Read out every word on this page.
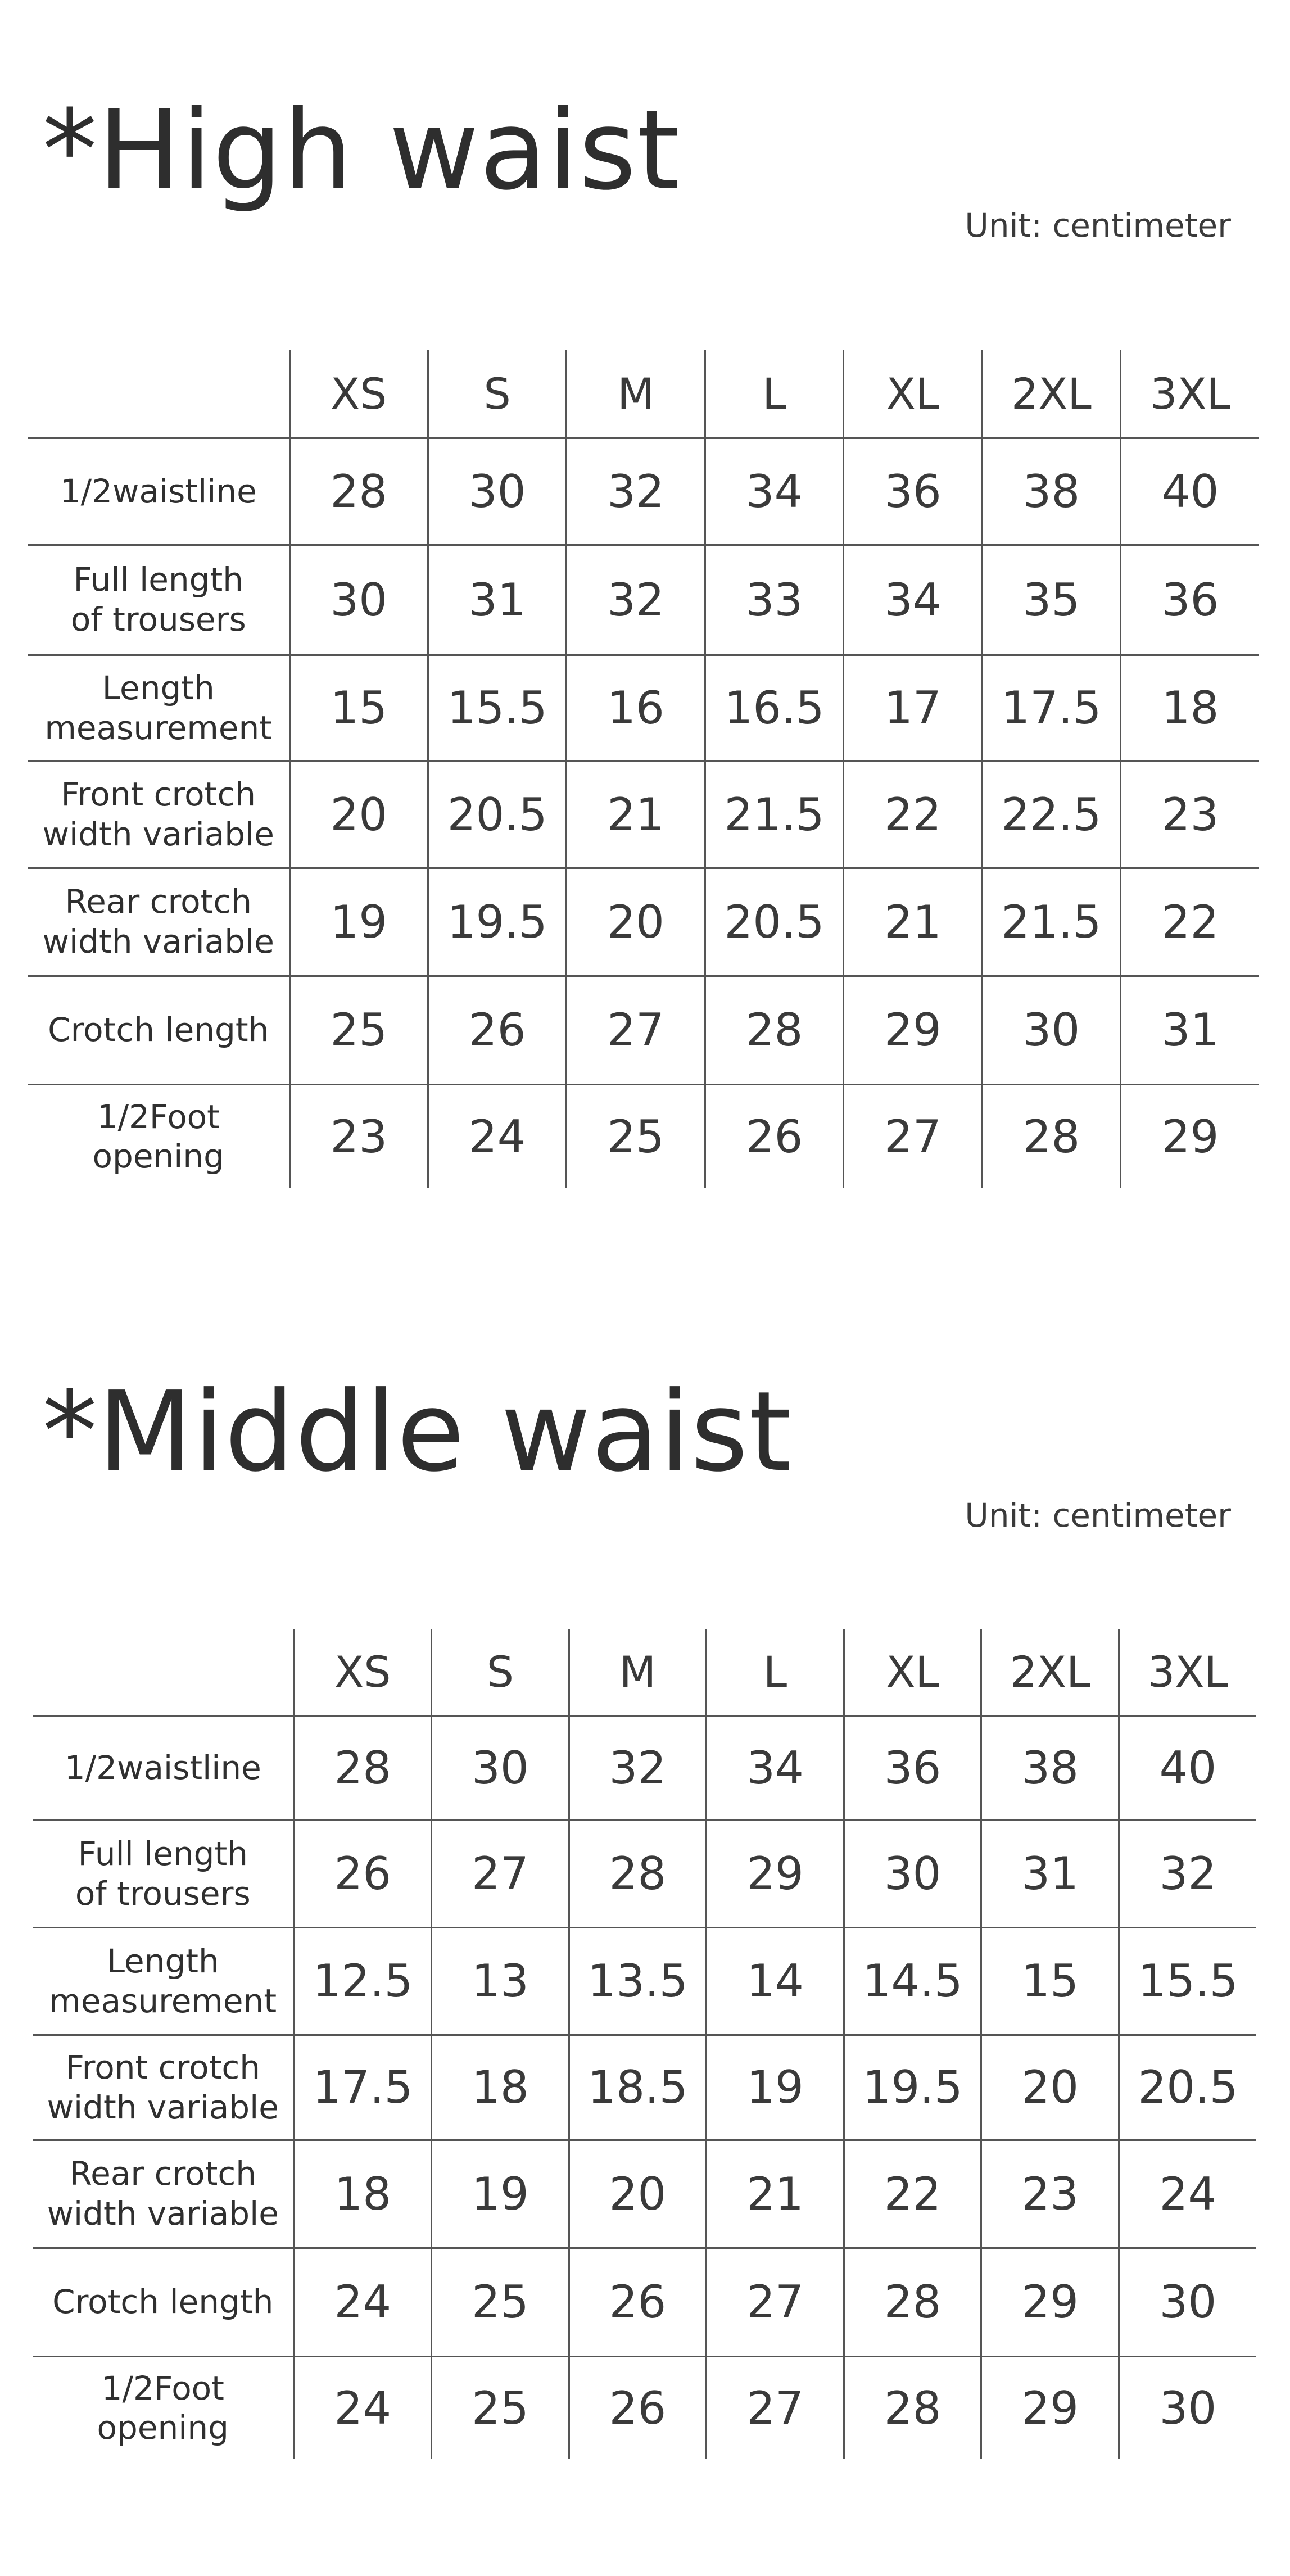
*High waist
Unit: centimeter
	XS	S	M	L	XL	2XL	3XL
1/2waistline	28	30	32	34	36	38	40
Full length
of trousers	30	31	32	33	34	35	36
Length
measurement	15	15.5	16	16.5	17	17.5	18
Front crotch
width variable	20	20.5	21	21.5	22	22.5	23
Rear crotch
width variable	19	19.5	20	20.5	21	21.5	22
Crotch length	25	26	27	28	29	30	31
1/2Foot
opening	23	24	25	26	27	28	29
*Middle waist
Unit: centimeter
	XS	S	M	L	XL	2XL	3XL
1/2waistline	28	30	32	34	36	38	40
Full length
of trousers	26	27	28	29	30	31	32
Length
measurement	12.5	13	13.5	14	14.5	15	15.5
Front crotch
width variable	17.5	18	18.5	19	19.5	20	20.5
Rear crotch
width variable	18	19	20	21	22	23	24
Crotch length	24	25	26	27	28	29	30
1/2Foot
opening	24	25	26	27	28	29	30
